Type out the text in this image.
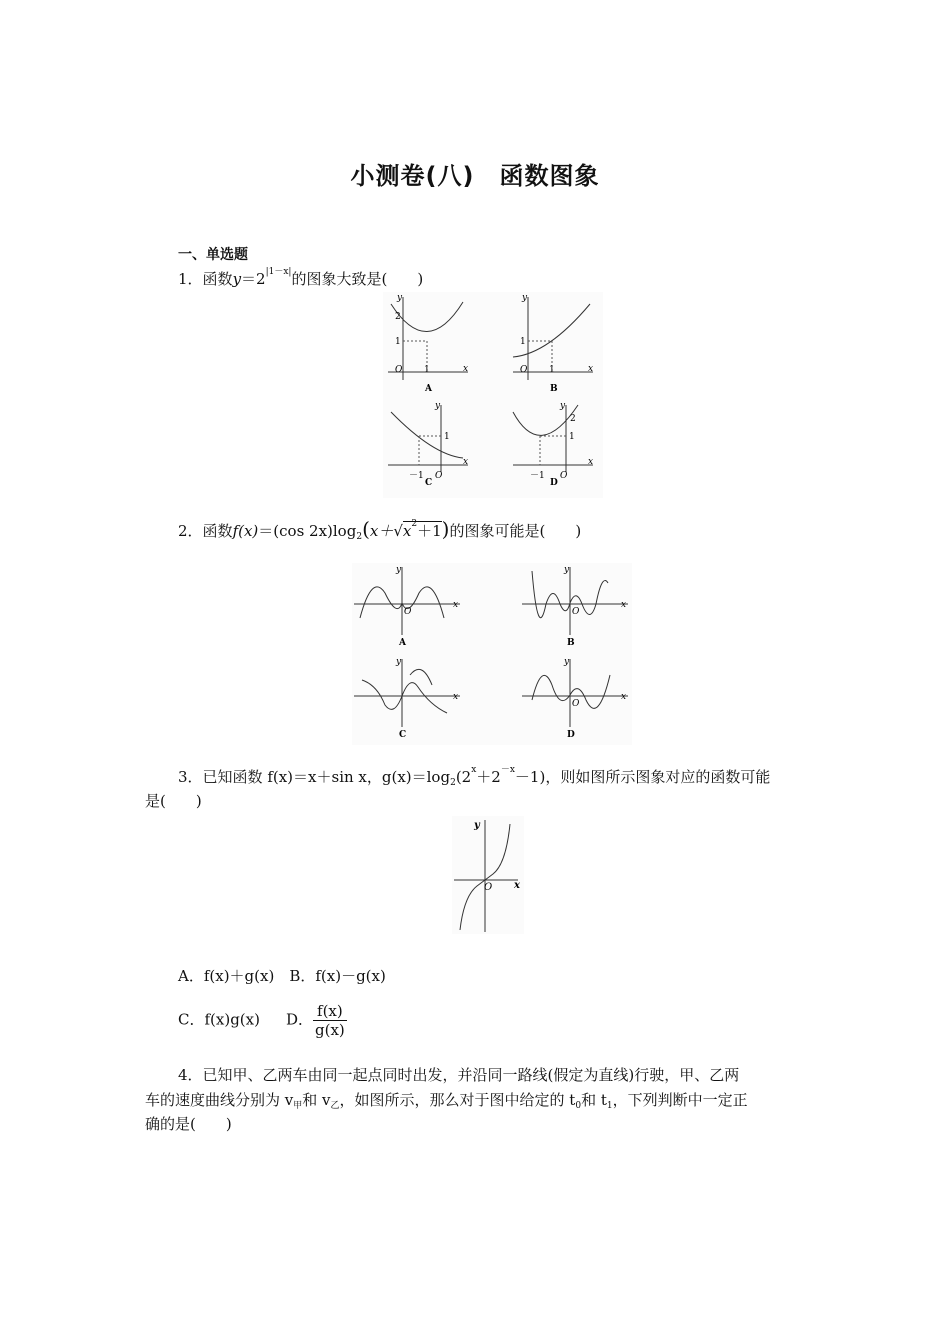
小测卷(八)　函数图象
一、单选题
1．函数$y=2^{|1-x|}$的图象大致是(　　)
y
2
1
O 1	x
A
y
1
O 1	x
B
y
1
－1 O
x
C
y
2
1
－1 O
x
D
2．函数f(x)＝(cos $2x)\log_2(x+√x^2+1)$的图象可能是(　　)
y
O
x
A
y
O
x
B
y
x
C
y
O
x
D
3．已知函数 f(x)＝x＋sin x，$g(x)=\log_2(2^x+2^{-x}-1)$，则如图所示图象对应的函数可能
是(　　)
y
O x
A．f(x)＋g(x)　 B．f(x)－g(x)
C．f(x)g(x) D． $\frac{f(x)}{g(x)}$
4．已知甲、乙两车由同一起点同时出发，并沿同一路线(假定为直线)行驶，甲、乙两
车的速度曲线分别为 $v_甲$和 $v_乙$，如图所示，那么对于图中给定的 $t_0$和 $t_1$，下列判断中一定正
确的是(　　)
